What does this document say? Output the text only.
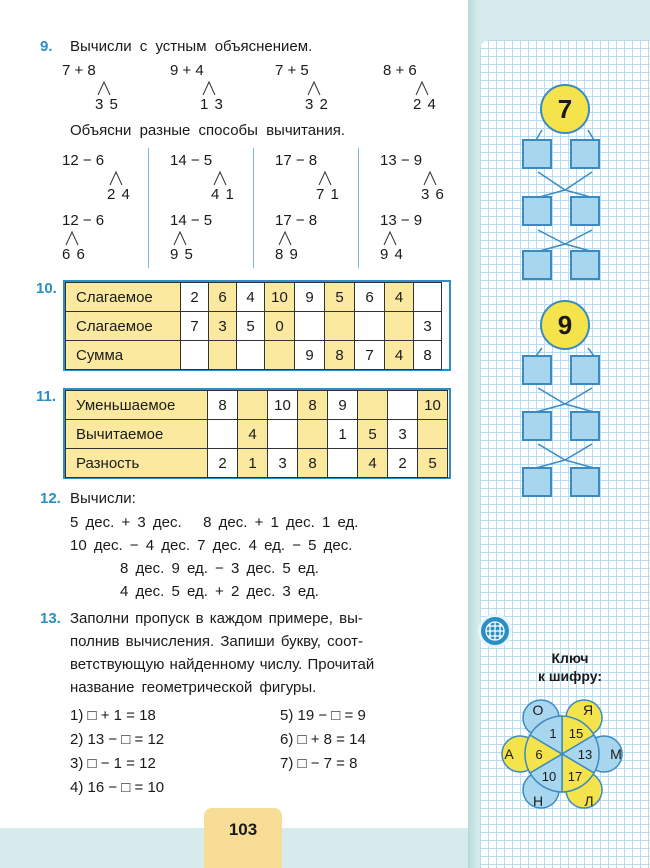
9. Вычисли с устным объяснением.
7 + 8	9 + 4	7 + 5	8 + 6
3 5	1 3	3 2	2 4
Объясни разные способы вычитания.
12 − 6	14 − 5	17 − 8	13 − 9
2 4	4 1	7 1	3 6
12 − 6	14 − 5	17 − 8	13 − 9
6 6	9 5	8 9	9 4
10. Слагаемое	2	6	4	10	9	5	6	4	
Слагаемое	7	3	5	0					3
Сумма					9	8	7	4	8
11. Уменьшаемое	8		10	8	9			10
Вычитаемое		4			1	5	3	
Разность	2	1	3	8		4	2	5
12. Вычисли:
5 дес. + 3 дес.   8 дес. + 1 дес. 1 ед.
10 дес. − 4 дес. 7 дес. 4 ед. − 5 дес.
8 дес. 9 ед. − 3 дес. 5 ед.
4 дес. 5 ед. + 2 дес. 3 ед.
13. Заполни пропуск в каждом примере, вы-
полнив вычисления. Запиши букву, соот-
ветствующую найденному числу. Прочитай
название геометрической фигуры.
1) □ + 1 = 18
2) 13 − □ = 12
3) □ − 1 = 12
4) 16 − □ = 10
5) 19 − □ = 9
6) □ + 8 = 14
7) □ − 7 = 8
7
9
Ключ
к шифру:
О	Я
М
Л
Н
А
1 15
13
17
10
6
103
